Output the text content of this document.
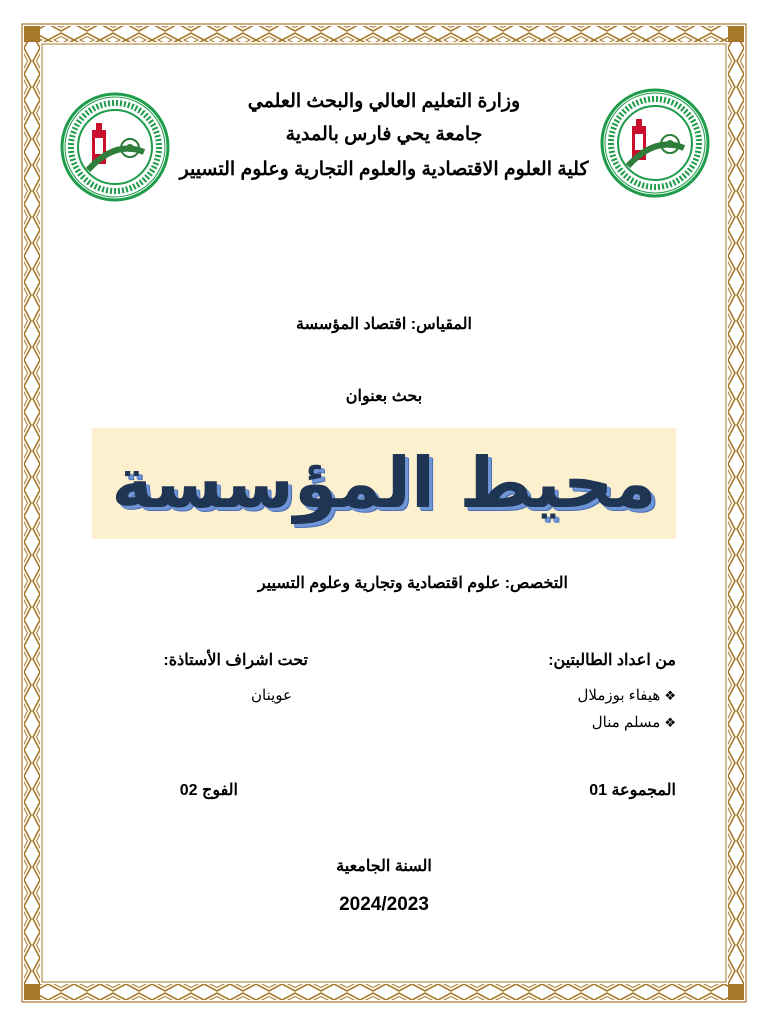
وزارة التعليم العالي والبحث العلمي
جامعة يحي فارس بالمدية
كلية العلوم الاقتصادية والعلوم التجارية وعلوم التسيير
المقياس: اقتصاد المؤسسة
بحث بعنوان
محيط المؤسسة
التخصص: علوم اقتصادية وتجارية وعلوم التسيير
من اعداد الطالبتين:
❖هيفاء بوزملال
❖مسلم منال
تحت اشراف الأستاذة:
عوينان
المجموعة 01
الفوج 02
السنة الجامعية
2024/2023
